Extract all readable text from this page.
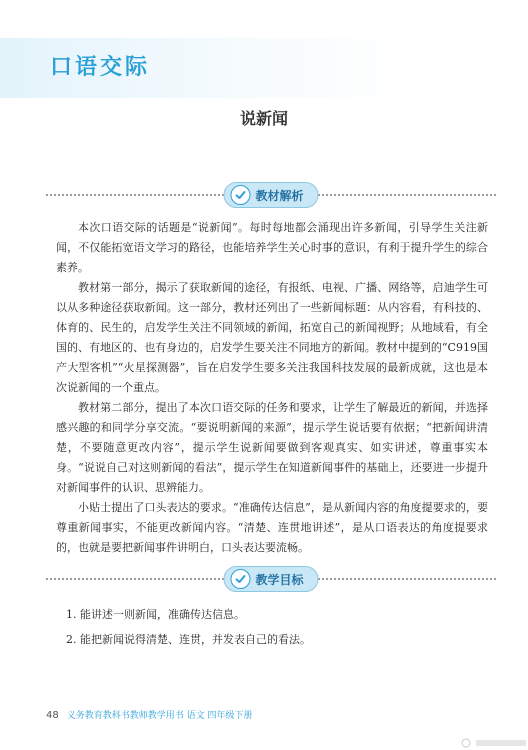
口语交际
说新闻
教材解析

本次口语交际的话题是“说新闻”。每时每地都会涌现出许多新闻，引导学生关注新闻，不仅能拓宽语文学习的路径，也能培养学生关心时事的意识，有利于提升学生的综合素养。

教材第一部分，揭示了获取新闻的途径，有报纸、电视、广播、网络等，启迪学生可以从多种途径获取新闻。这一部分，教材还列出了一些新闻标题：从内容看，有科技的、体育的、民生的，启发学生关注不同领域的新闻，拓宽自己的新闻视野；从地域看，有全国的、有地区的、也有身边的，启发学生要关注不同地方的新闻。教材中提到的“C919国产大型客机”“火星探测器”，旨在启发学生要多关注我国科技发展的最新成就，这也是本次说新闻的一个重点。

教材第二部分，提出了本次口语交际的任务和要求，让学生了解最近的新闻，并选择感兴趣的和同学分享交流。“要说明新闻的来源”，提示学生说话要有依据；“把新闻讲清楚，不要随意更改内容”，提示学生说新闻要做到客观真实、如实讲述，尊重事实本身。“说说自己对这则新闻的看法”，提示学生在知道新闻事件的基础上，还要进一步提升对新闻事件的认识、思辨能力。

小贴士提出了口头表达的要求。“准确传达信息”，是从新闻内容的角度提要求的，要尊重新闻事实，不能更改新闻内容。“清楚、连贯地讲述”，是从口语表达的角度提要求的，也就是要把新闻事件讲明白，口头表达要流畅。

教学目标
1. 能讲述一则新闻，准确传达信息。
2. 能把新闻说得清楚、连贯，并发表自己的看法。
48 义务教育教科书教师教学用书 语文 四年级下册
